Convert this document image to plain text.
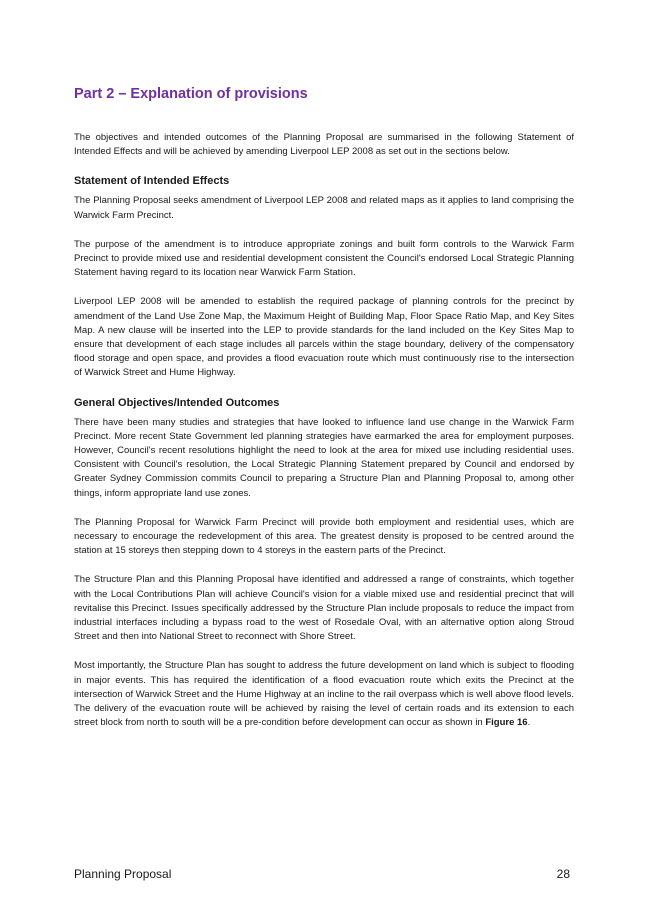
Part 2 – Explanation of provisions

The objectives and intended outcomes of the Planning Proposal are summarised in the following Statement of Intended Effects and will be achieved by amending Liverpool LEP 2008 as set out in the sections below.

Statement of Intended Effects

The Planning Proposal seeks amendment of Liverpool LEP 2008 and related maps as it applies to land comprising the Warwick Farm Precinct.

The purpose of the amendment is to introduce appropriate zonings and built form controls to the Warwick Farm Precinct to provide mixed use and residential development consistent the Council's endorsed Local Strategic Planning Statement having regard to its location near Warwick Farm Station.

Liverpool LEP 2008 will be amended to establish the required package of planning controls for the precinct by amendment of the Land Use Zone Map, the Maximum Height of Building Map, Floor Space Ratio Map, and Key Sites Map. A new clause will be inserted into the LEP to provide standards for the land included on the Key Sites Map to ensure that development of each stage includes all parcels within the stage boundary, delivery of the compensatory flood storage and open space, and provides a flood evacuation route which must continuously rise to the intersection of Warwick Street and Hume Highway.

General Objectives/Intended Outcomes

There have been many studies and strategies that have looked to influence land use change in the Warwick Farm Precinct. More recent State Government led planning strategies have earmarked the area for employment purposes. However, Council's recent resolutions highlight the need to look at the area for mixed use including residential uses. Consistent with Council's resolution, the Local Strategic Planning Statement prepared by Council and endorsed by Greater Sydney Commission commits Council to preparing a Structure Plan and Planning Proposal to, among other things, inform appropriate land use zones.

The Planning Proposal for Warwick Farm Precinct will provide both employment and residential uses, which are necessary to encourage the redevelopment of this area. The greatest density is proposed to be centred around the station at 15 storeys then stepping down to 4 storeys in the eastern parts of the Precinct.

The Structure Plan and this Planning Proposal have identified and addressed a range of constraints, which together with the Local Contributions Plan will achieve Council's vision for a viable mixed use and residential precinct that will revitalise this Precinct. Issues specifically addressed by the Structure Plan include proposals to reduce the impact from industrial interfaces including a bypass road to the west of Rosedale Oval, with an alternative option along Stroud Street and then into National Street to reconnect with Shore Street.

Most importantly, the Structure Plan has sought to address the future development on land which is subject to flooding in major events. This has required the identification of a flood evacuation route which exits the Precinct at the intersection of Warwick Street and the Hume Highway at an incline to the rail overpass which is well above flood levels. The delivery of the evacuation route will be achieved by raising the level of certain roads and its extension to each street block from north to south will be a pre-condition before development can occur as shown in Figure 16.

Planning Proposal	28
